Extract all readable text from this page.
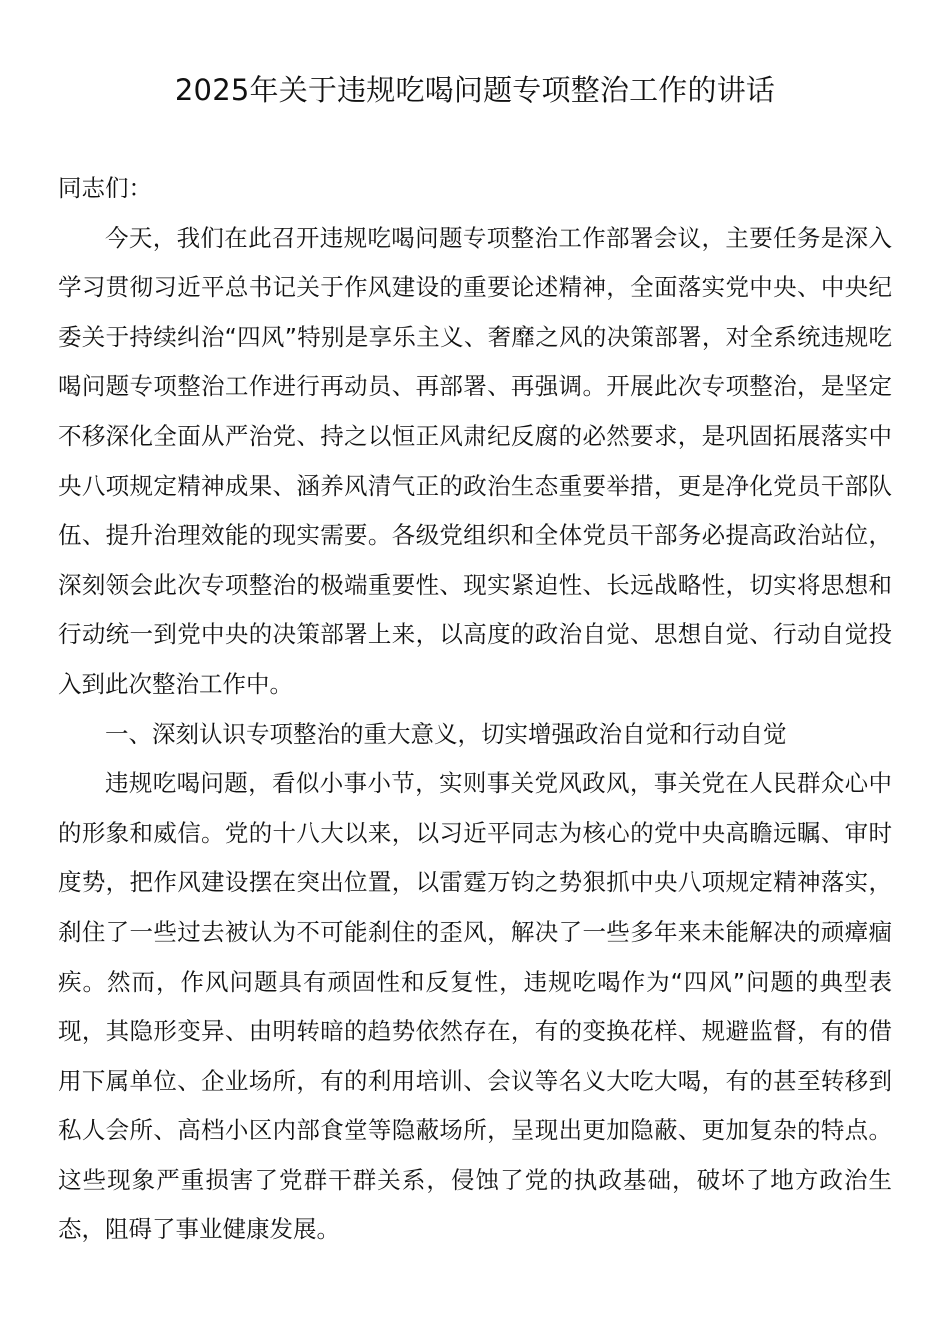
2025年关于违规吃喝问题专项整治工作的讲话

同志们：

今天，我们在此召开违规吃喝问题专项整治工作部署会议，主要任务是深入学习贯彻习近平总书记关于作风建设的重要论述精神，全面落实党中央、中央纪委关于持续纠治“四风”特别是享乐主义、奢靡之风的决策部署，对全系统违规吃喝问题专项整治工作进行再动员、再部署、再强调。开展此次专项整治，是坚定不移深化全面从严治党、持之以恒正风肃纪反腐的必然要求，是巩固拓展落实中央八项规定精神成果、涵养风清气正的政治生态重要举措，更是净化党员干部队伍、提升治理效能的现实需要。各级党组织和全体党员干部务必提高政治站位，深刻领会此次专项整治的极端重要性、现实紧迫性、长远战略性，切实将思想和行动统一到党中央的决策部署上来，以高度的政治自觉、思想自觉、行动自觉投入到此次整治工作中。

一、深刻认识专项整治的重大意义，切实增强政治自觉和行动自觉

违规吃喝问题，看似小事小节，实则事关党风政风，事关党在人民群众心中的形象和威信。党的十八大以来，以习近平同志为核心的党中央高瞻远瞩、审时度势，把作风建设摆在突出位置，以雷霆万钧之势狠抓中央八项规定精神落实，刹住了一些过去被认为不可能刹住的歪风，解决了一些多年来未能解决的顽瘴痼疾。然而，作风问题具有顽固性和反复性，违规吃喝作为“四风”问题的典型表现，其隐形变异、由明转暗的趋势依然存在，有的变换花样、规避监督，有的借用下属单位、企业场所，有的利用培训、会议等名义大吃大喝，有的甚至转移到私人会所、高档小区内部食堂等隐蔽场所，呈现出更加隐蔽、更加复杂的特点。这些现象严重损害了党群干群关系，侵蚀了党的执政基础，破坏了地方政治生态，阻碍了事业健康发展。
